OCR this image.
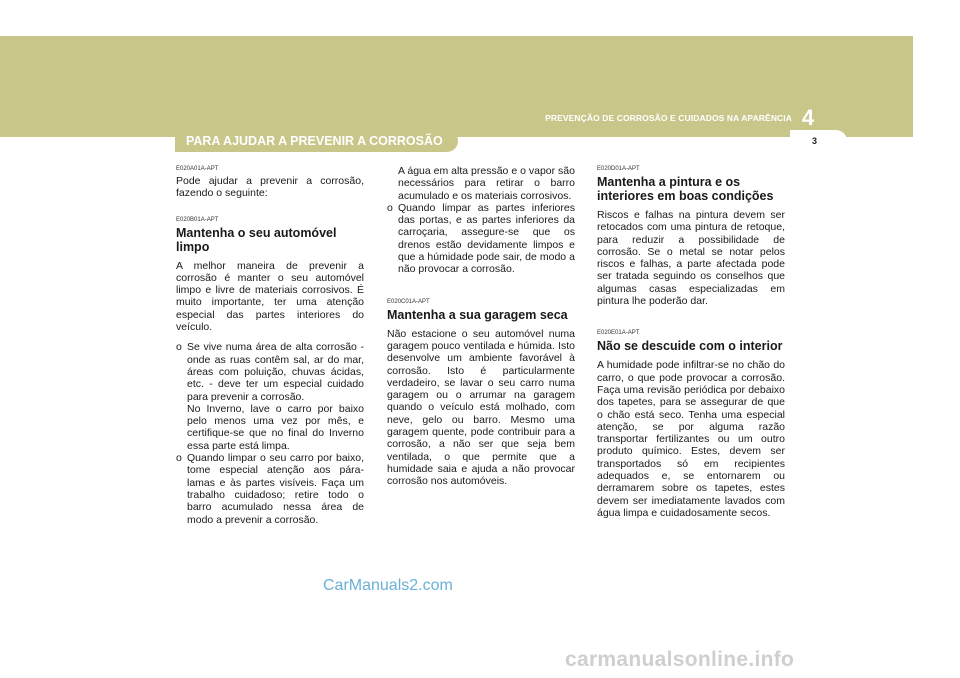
PREVENÇÃO DE CORROSÃO E CUIDADOS NA APARÊNCIA 4
PARA AJUDAR A PREVENIR A CORROSÃO	3
E020A01A-APT

Pode ajudar a prevenir a corrosão, fazendo o seguinte:

E020B01A-APT
Mantenha o seu automóvel limpo

A melhor maneira de prevenir a corrosão é manter o seu automóvel limpo e livre de materiais corrosivos. É muito importante, ter uma atenção especial das partes interiores do veículo.

o Se vive numa área de alta corrosão - onde as ruas contêm sal, ar do mar, áreas com poluição, chuvas ácidas, etc. - deve ter um especial cuidado para prevenir a corrosão.
No Inverno, lave o carro por baixo pelo menos uma vez por mês, e certifique-se que no final do Inverno essa parte está limpa.
o Quando limpar o seu carro por baixo, tome especial atenção aos pára-lamas e às partes visíveis. Faça um trabalho cuidadoso; retire todo o barro acumulado nessa área de modo a prevenir a corrosão.
A água em alta pressão e o vapor são necessários para retirar o barro acumulado e os materiais corrosivos.
o Quando limpar as partes inferiores das portas, e as partes inferiores da carroçaria, assegure-se que os drenos estão devidamente limpos e que a húmidade pode sair, de modo a não provocar a corrosão.
E020C01A-APT
Mantenha a sua garagem seca

Não estacione o seu automóvel numa garagem pouco ventilada e húmida. Isto desenvolve um ambiente favorável à corrosão. Isto é particularmente verdadeiro, se lavar o seu carro numa garagem ou o arrumar na garagem quando o veículo está molhado, com neve, gelo ou barro. Mesmo uma garagem quente, pode contribuir para a corrosão, a não ser que seja bem ventilada, o que permite que a humidade saia e ajuda a não provocar corrosão nos automóveis.

E020D01A-APT
Mantenha a pintura e os interiores em boas condições

Riscos e falhas na pintura devem ser retocados com uma pintura de retoque, para reduzir a possibilidade de corrosão. Se o metal se notar pelos riscos e falhas, a parte afectada pode ser tratada seguindo os conselhos que algumas casas especializadas em pintura lhe poderão dar.

E020E01A-APT
Não se descuide com o interior

A humidade pode infiltrar-se no chão do carro, o que pode provocar a corrosão. Faça uma revisão periódica por debaixo dos tapetes, para se assegurar de que o chão está seco. Tenha uma especial atenção, se por alguma razão transportar fertilizantes ou um outro produto químico. Estes, devem ser transportados só em recipientes adequados e, se entornarem ou derramarem sobre os tapetes, estes devem ser imediatamente lavados com água limpa e cuidadosamente secos.

CarManuals2.com
carmanualsonline.info
